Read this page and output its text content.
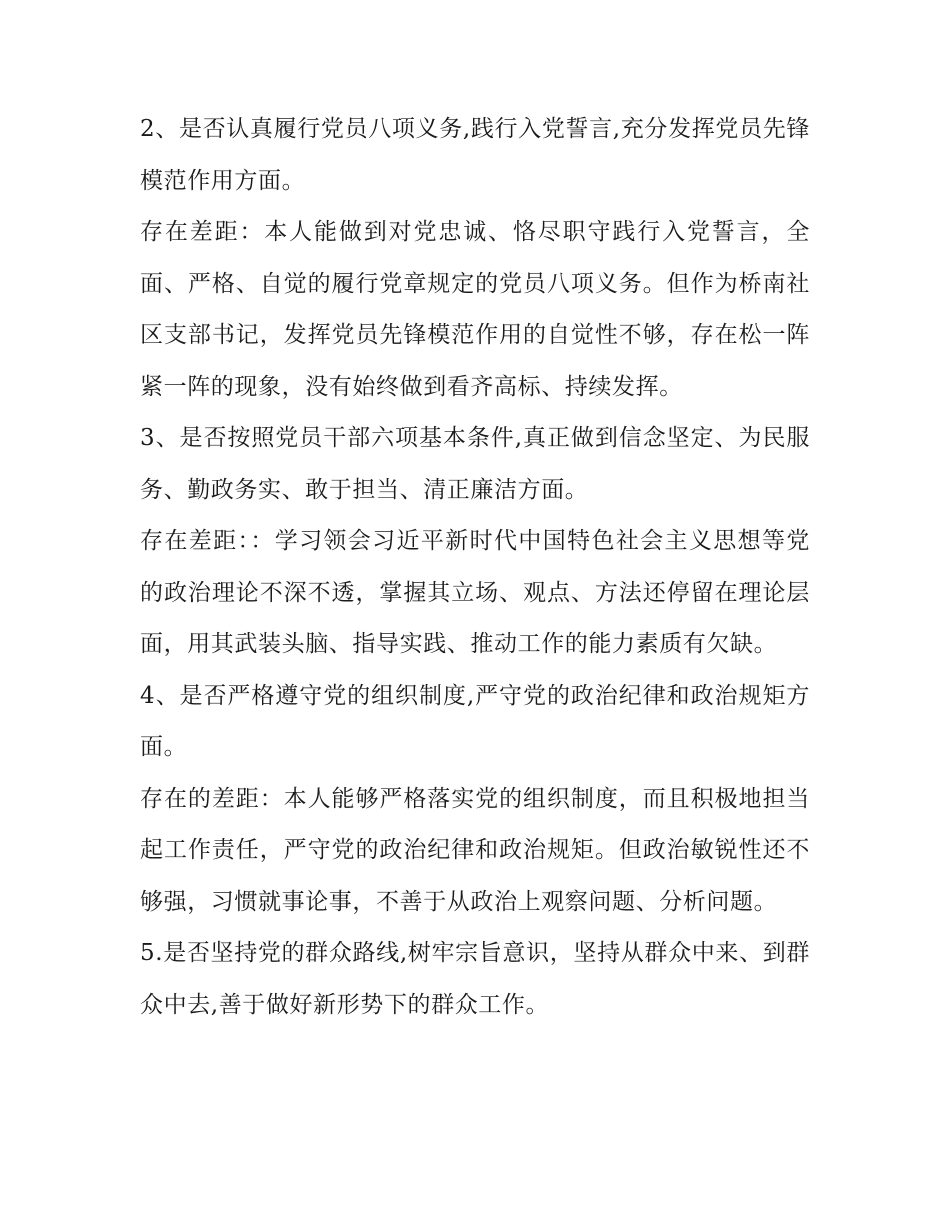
2、是否认真履行党员八项义务,践行入党誓言,充分发挥党员先锋模范作用方面。

存在差距：本人能做到对党忠诚、恪尽职守践行入党誓言，全面、严格、自觉的履行党章规定的党员八项义务。但作为桥南社区支部书记，发挥党员先锋模范作用的自觉性不够，存在松一阵紧一阵的现象，没有始终做到看齐高标、持续发挥。

3、是否按照党员干部六项基本条件,真正做到信念坚定、为民服务、勤政务实、敢于担当、清正廉洁方面。

存在差距：：学习领会习近平新时代中国特色社会主义思想等党的政治理论不深不透，掌握其立场、观点、方法还停留在理论层面，用其武装头脑、指导实践、推动工作的能力素质有欠缺。

4、是否严格遵守党的组织制度,严守党的政治纪律和政治规矩方面。

存在的差距：本人能够严格落实党的组织制度，而且积极地担当起工作责任，严守党的政治纪律和政治规矩。但政治敏锐性还不够强，习惯就事论事，不善于从政治上观察问题、分析问题。

5.是否坚持党的群众路线,树牢宗旨意识，坚持从群众中来、到群众中去,善于做好新形势下的群众工作。
